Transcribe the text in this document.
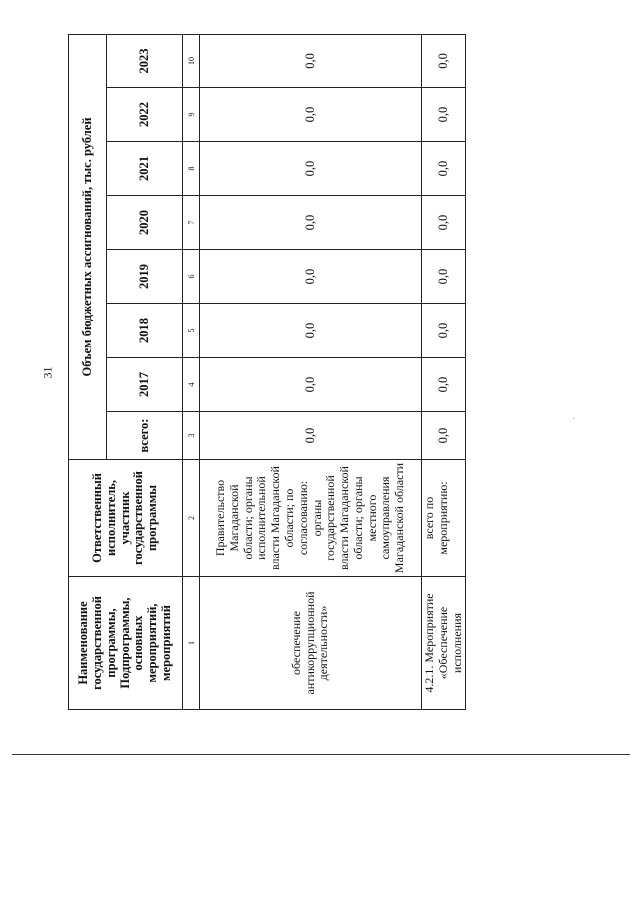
31
Наименование государственной программы, Подпрограммы, основных мероприятий, мероприятий	Ответственный исполнитель, участник государственной программы	Объем бюджетных ассигнований, тыс. рублей							
		всего:	2017	2018	2019	2020	2021	2022	2023
1	2	3	4	5	6	7	8	9	10
обеспечение антикоррупционной деятельности»	Правительство Магаданской области; органы исполнительной власти Магаданской области; по согласованию: органы государственной власти Магаданской области; органы местного самоуправления Магаданской области	0,0	0,0	0,0	0,0	0,0	0,0	0,0	0,0
4.2.1. Мероприятие «Обеспечение исполнения	всего по мероприятию:	0,0	0,0	0,0	0,0	0,0	0,0	0,0	0,0
